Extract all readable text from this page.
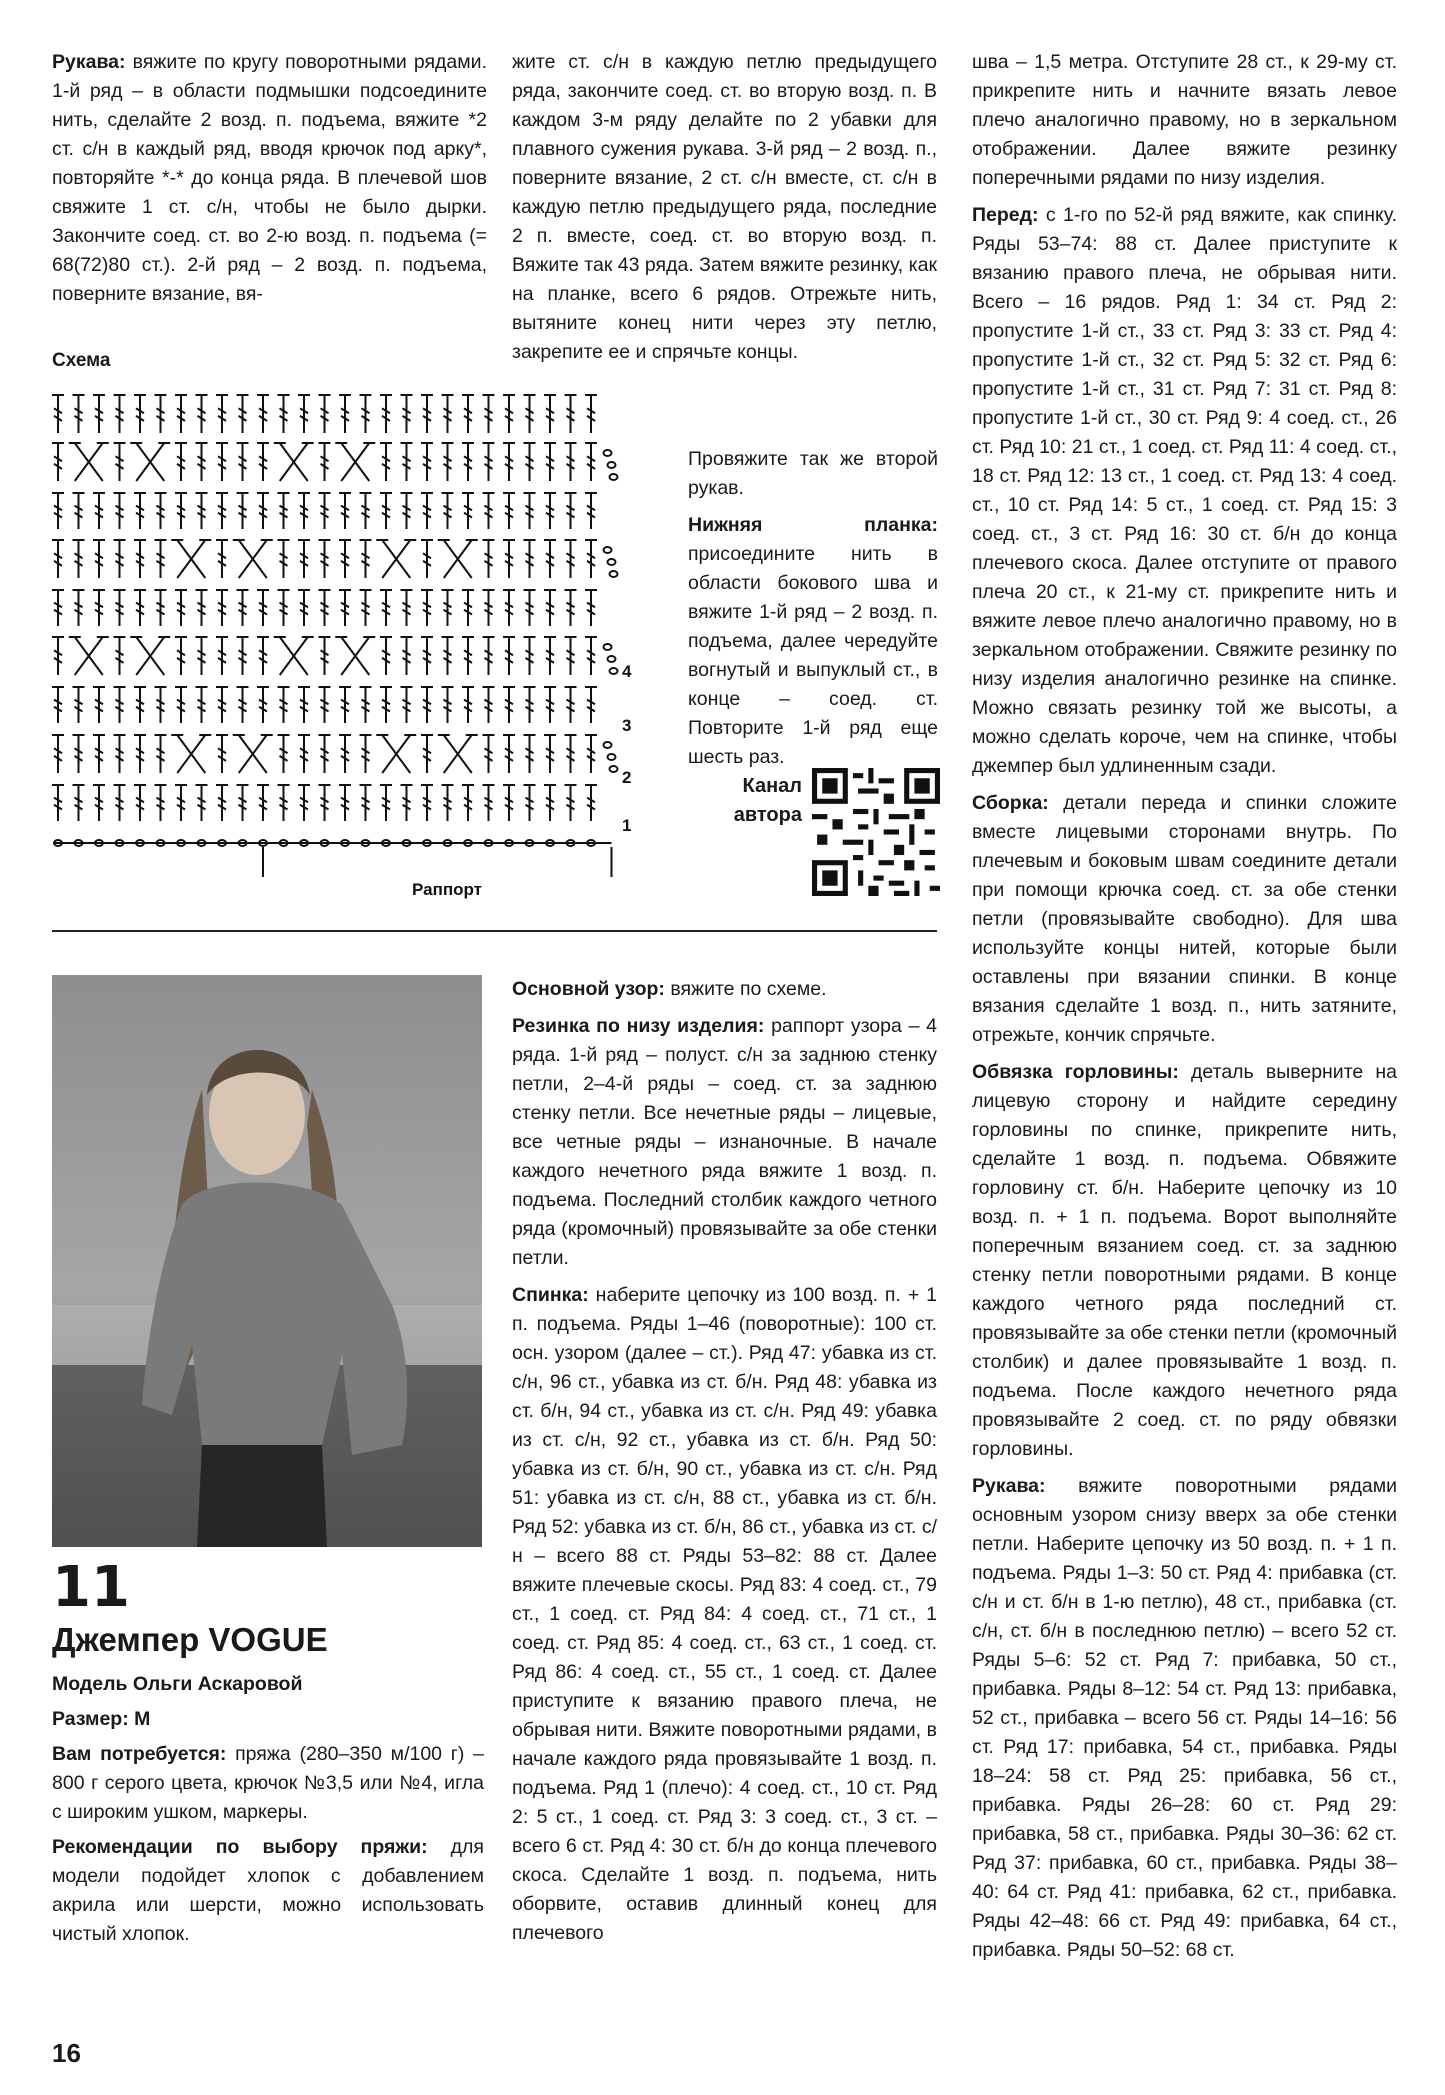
Рукава: вяжите по кругу поворотными рядами. 1-й ряд – в области подмышки подсоедините нить, сделайте 2 возд. п. подъема, вяжите *2 ст. с/н в каждый ряд, вводя крючок под арку*, повторяйте *-* до конца ряда. В плечевой шов свяжите 1 ст. с/н, чтобы не было дырки. Закончите соед. ст. во 2-ю возд. п. подъема (= 68(72)80 ст.). 2-й ряд – 2 возд. п. подъема, поверните вязание, вя-

жите ст. с/н в каждую петлю предыдущего ряда, закончите соед. ст. во вторую возд. п. В каждом 3-м ряду делайте по 2 убавки для плавного сужения рукава. 3-й ряд – 2 возд. п., поверните вязание, 2 ст. с/н вместе, ст. с/н в каждую петлю предыдущего ряда, последние 2 п. вместе, соед. ст. во вторую возд. п. Вяжите так 43 ряда. Затем вяжите резинку, как на планке, всего 6 рядов. Отрежьте нить, вытяните конец нити через эту петлю, закрепите ее и спрячьте концы.

Провяжите так же второй рукав.

Нижняя планка: присоедините нить в области бокового шва и вяжите 1-й ряд – 2 возд. п. подъема, далее чередуйте вогнутый и выпуклый ст., в конце – соед. ст. Повторите 1-й ряд еще шесть раз.

Канал автора
Схема
4
3
2
1
Раппорт

шва – 1,5 метра. Отступите 28 ст., к 29-му ст. прикрепите нить и начните вязать левое плечо аналогично правому, но в зеркальном отображении. Далее вяжите резинку поперечными рядами по низу изделия.

Перед: с 1-го по 52-й ряд вяжите, как спинку. Ряды 53–74: 88 ст. Далее приступите к вязанию правого плеча, не обрывая нити. Всего – 16 рядов. Ряд 1: 34 ст. Ряд 2: пропустите 1-й ст., 33 ст. Ряд 3: 33 ст. Ряд 4: пропустите 1-й ст., 32 ст. Ряд 5: 32 ст. Ряд 6: пропустите 1-й ст., 31 ст. Ряд 7: 31 ст. Ряд 8: пропустите 1-й ст., 30 ст. Ряд 9: 4 соед. ст., 26 ст. Ряд 10: 21 ст., 1 соед. ст. Ряд 11: 4 соед. ст., 18 ст. Ряд 12: 13 ст., 1 соед. ст. Ряд 13: 4 соед. ст., 10 ст. Ряд 14: 5 ст., 1 соед. ст. Ряд 15: 3 соед. ст., 3 ст. Ряд 16: 30 ст. б/н до конца плечевого скоса. Далее отступите от правого плеча 20 ст., к 21-му ст. прикрепите нить и вяжите левое плечо аналогично правому, но в зеркальном отображении. Свяжите резинку по низу изделия аналогично резинке на спинке. Можно связать резинку той же высоты, а можно сделать короче, чем на спинке, чтобы джемпер был удлиненным сзади.

Сборка: детали переда и спинки сложите вместе лицевыми сторонами внутрь. По плечевым и боковым швам соедините детали при помощи крючка соед. ст. за обе стенки петли (провязывайте свободно). Для шва используйте концы нитей, которые были оставлены при вязании спинки. В конце вязания сделайте 1 возд. п., нить затяните, отрежьте, кончик спрячьте.

Обвязка горловины: деталь выверните на лицевую сторону и найдите середину горловины по спинке, прикрепите нить, сделайте 1 возд. п. подъема. Обвяжите горловину ст. б/н. Наберите цепочку из 10 возд. п. + 1 п. подъема. Ворот выполняйте поперечным вязанием соед. ст. за заднюю стенку петли поворотными рядами. В конце каждого четного ряда последний ст. провязывайте за обе стенки петли (кромочный столбик) и далее провязывайте 1 возд. п. подъема. После каждого нечетного ряда провязывайте 2 соед. ст. по ряду обвязки горловины.

Рукава: вяжите поворотными рядами основным узором снизу вверх за обе стенки петли. Наберите цепочку из 50 возд. п. + 1 п. подъема. Ряды 1–3: 50 ст. Ряд 4: прибавка (ст. с/н и ст. б/н в 1-ю петлю), 48 ст., прибавка (ст. с/н, ст. б/н в последнюю петлю) – всего 52 ст. Ряды 5–6: 52 ст. Ряд 7: прибавка, 50 ст., прибавка. Ряды 8–12: 54 ст. Ряд 13: прибавка, 52 ст., прибавка – всего 56 ст. Ряды 14–16: 56 ст. Ряд 17: прибавка, 54 ст., прибавка. Ряды 18–24: 58 ст. Ряд 25: прибавка, 56 ст., прибавка. Ряды 26–28: 60 ст. Ряд 29: прибавка, 58 ст., прибавка. Ряды 30–36: 62 ст. Ряд 37: прибавка, 60 ст., прибавка. Ряды 38–40: 64 ст. Ряд 41: прибавка, 62 ст., прибавка. Ряды 42–48: 66 ст. Ряд 49: прибавка, 64 ст., прибавка. Ряды 50–52: 68 ст.

11
Джемпер VOGUE

Модель Ольги Аскаровой

Размер: М

Вам потребуется: пряжа (280–350 м/100 г) – 800 г серого цвета, крючок №3,5 или №4, игла с широким ушком, маркеры.

Рекомендации по выбору пряжи: для модели подойдет хлопок с добавлением акрила или шерсти, можно использовать чистый хлопок.

Основной узор: вяжите по схеме.

Резинка по низу изделия: раппорт узора – 4 ряда. 1-й ряд – полуст. с/н за заднюю стенку петли, 2–4-й ряды – соед. ст. за заднюю стенку петли. Все нечетные ряды – лицевые, все четные ряды – изнаночные. В начале каждого нечетного ряда вяжите 1 возд. п. подъема. Последний столбик каждого четного ряда (кромочный) провязывайте за обе стенки петли.

Спинка: наберите цепочку из 100 возд. п. + 1 п. подъема. Ряды 1–46 (поворотные): 100 ст. осн. узором (далее – ст.). Ряд 47: убавка из ст. с/н, 96 ст., убавка из ст. б/н. Ряд 48: убавка из ст. б/н, 94 ст., убавка из ст. с/н. Ряд 49: убавка из ст. с/н, 92 ст., убавка из ст. б/н. Ряд 50: убавка из ст. б/н, 90 ст., убавка из ст. с/н. Ряд 51: убавка из ст. с/н, 88 ст., убавка из ст. б/н. Ряд 52: убавка из ст. б/н, 86 ст., убавка из ст. с/н – всего 88 ст. Ряды 53–82: 88 ст. Далее вяжите плечевые скосы. Ряд 83: 4 соед. ст., 79 ст., 1 соед. ст. Ряд 84: 4 соед. ст., 71 ст., 1 соед. ст. Ряд 85: 4 соед. ст., 63 ст., 1 соед. ст. Ряд 86: 4 соед. ст., 55 ст., 1 соед. ст. Далее приступите к вязанию правого плеча, не обрывая нити. Вяжите поворотными рядами, в начале каждого ряда провязывайте 1 возд. п. подъема. Ряд 1 (плечо): 4 соед. ст., 10 ст. Ряд 2: 5 ст., 1 соед. ст. Ряд 3: 3 соед. ст., 3 ст. – всего 6 ст. Ряд 4: 30 ст. б/н до конца плечевого скоса. Сделайте 1 возд. п. подъема, нить оборвите, оставив длинный конец для плечевого

16
